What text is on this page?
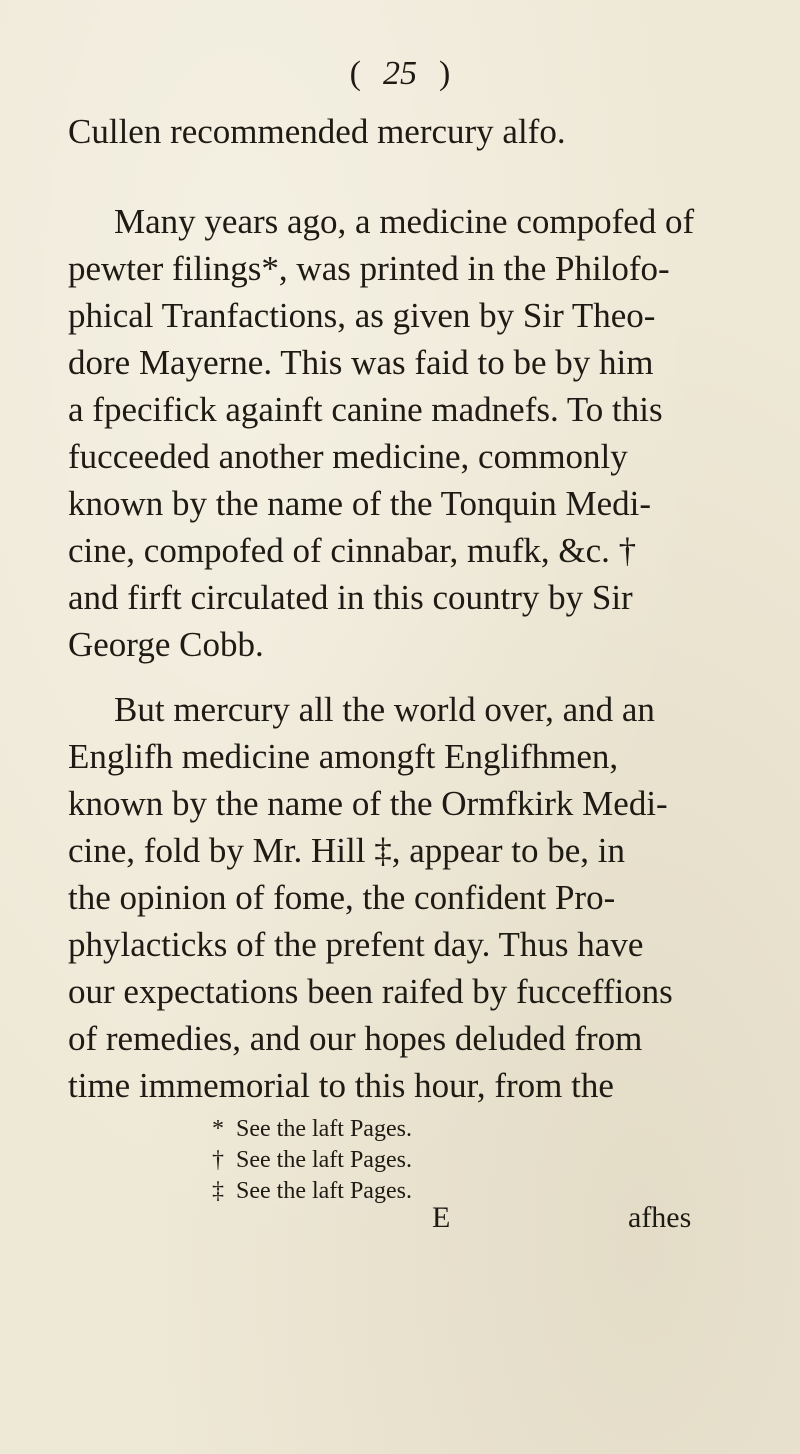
( 25 )
Cullen recommended mercury alfo.
Many years ago, a medicine compofed of
pewter filings*, was printed in the Philofo-
phical Tranfactions, as given by Sir Theo-
dore Mayerne. This was faid to be by him
a fpecifick againft canine madnefs. To this
fucceeded another medicine, commonly
known by the name of the Tonquin Medi-
cine, compofed of cinnabar, mufk, &c. †
and firft circulated in this country by Sir
George Cobb.
But mercury all the world over, and an
Englifh medicine amongft Englifhmen,
known by the name of the Ormfkirk Medi-
cine, fold by Mr. Hill ‡, appear to be, in
the opinion of fome, the confident Pro-
phylacticks of the prefent day. Thus have
our expectations been raifed by fucceffions
of remedies, and our hopes deluded from
time immemorial to this hour, from the
* See the laft Pages.
† See the laft Pages.
‡ See the laft Pages.
E	afhes
